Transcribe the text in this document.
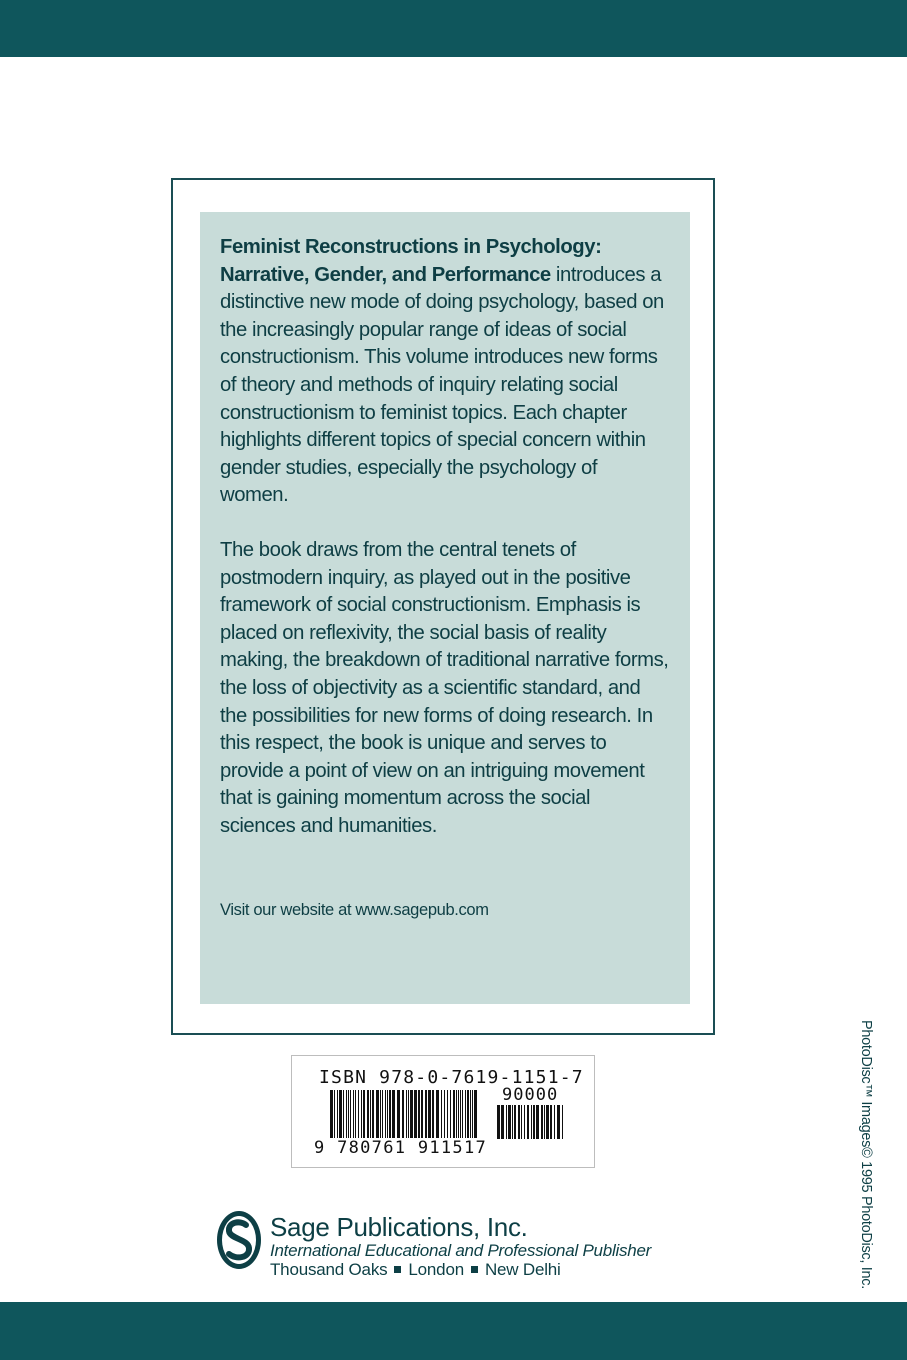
Feminist Reconstructions in Psychology:
Narrative, Gender, and Performance introduces a distinctive new mode of doing psychology, based on the increasingly popular range of ideas of social constructionism. This volume introduces new forms of theory and methods of inquiry relating social constructionism to feminist topics. Each chapter highlights different topics of special concern within gender studies, especially the psychology of women.

The book draws from the central tenets of postmodern inquiry, as played out in the positive framework of social constructionism. Emphasis is placed on reflexivity, the social basis of reality making, the breakdown of traditional narrative forms, the loss of objectivity as a scientific standard, and the possibilities for new forms of doing research. In this respect, the book is unique and serves to provide a point of view on an intriguing movement that is gaining momentum across the social sciences and humanities.

Visit our website at www.sagepub.com
ISBN 978-0-7619-1151-7
90000
9 780761 911517
Sage Publications, Inc.
International Educational and Professional Publisher
Thousand Oaks London New Delhi	PhotoDisc™ Images© 1995 PhotoDisc, Inc.
